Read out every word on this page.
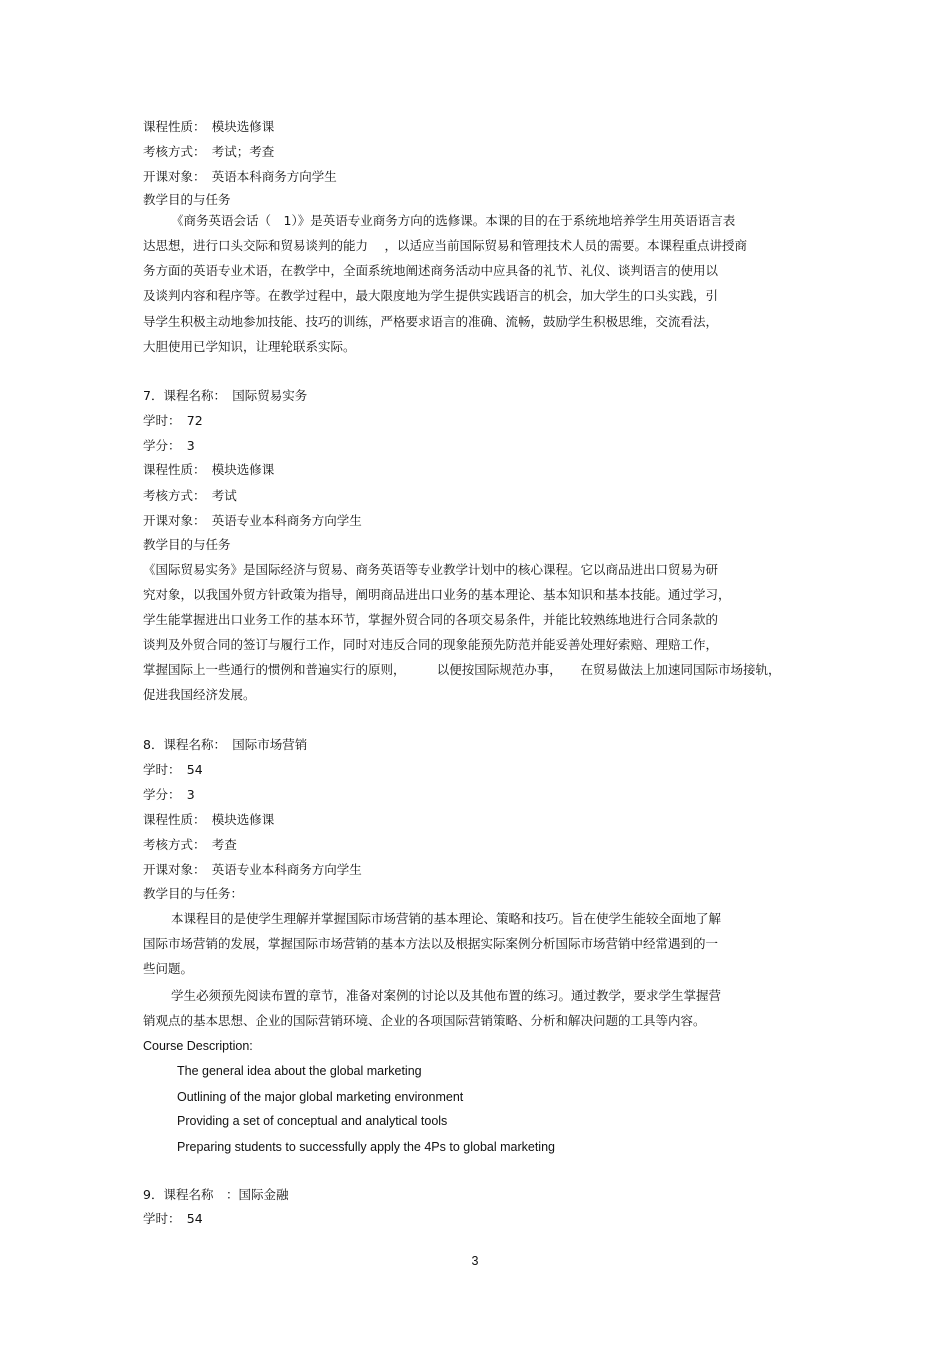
课程性质：　模块选修课
考核方式：　考试；考查
开课对象：　英语本科商务方向学生
教学目的与任务
《商务英语会话（　1）》是英语专业商务方向的选修课。本课的目的在于系统地培养学生用英语语言表
达思想，进行口头交际和贸易谈判的能力　 ，以适应当前国际贸易和管理技术人员的需要。本课程重点讲授商
务方面的英语专业术语，在教学中，全面系统地阐述商务活动中应具备的礼节、礼仪、谈判语言的使用以
及谈判内容和程序等。在教学过程中，最大限度地为学生提供实践语言的机会，加大学生的口头实践，引
导学生积极主动地参加技能、技巧的训练，严格要求语言的准确、流畅，鼓励学生积极思维，交流看法，
大胆使用已学知识，让理轮联系实际。
7．课程名称：　国际贸易实务
学时：　72
学分：　3
课程性质：　模块选修课
考核方式：　考试
开课对象：　英语专业本科商务方向学生
教学目的与任务
《国际贸易实务》是国际经济与贸易、商务英语等专业教学计划中的核心课程。它以商品进出口贸易为研
究对象，以我国外贸方针政策为指导，阐明商品进出口业务的基本理论、基本知识和基本技能。通过学习，
学生能掌握进出口业务工作的基本环节，掌握外贸合同的各项交易条件，并能比较熟练地进行合同条款的
谈判及外贸合同的签订与履行工作，同时对违反合同的现象能预先防范并能妥善处理好索赔、理赔工作，
掌握国际上一些通行的惯例和普遍实行的原则，　　　以便按国际规范办事，　　在贸易做法上加速同国际市场接轨，
促进我国经济发展。
8．课程名称：　国际市场营销
学时：　54
学分：　3
课程性质：　模块选修课
考核方式：　考查
开课对象：　英语专业本科商务方向学生
教学目的与任务：
本课程目的是使学生理解并掌握国际市场营销的基本理论、策略和技巧。旨在使学生能较全面地了解
国际市场营销的发展，掌握国际市场营销的基本方法以及根据实际案例分析国际市场营销中经常遇到的一
些问题。
学生必须预先阅读布置的章节，准备对案例的讨论以及其他布置的练习。通过教学，要求学生掌握营
销观点的基本思想、企业的国际营销环境、企业的各项国际营销策略、分析和解决问题的工具等内容。
Course Description:
The general idea about the global marketing
Outlining of the major global marketing environment
Providing a set of conceptual and analytical tools
Preparing students to successfully apply the 4Ps to global marketing
9．课程名称　：国际金融
学时：　54
3
